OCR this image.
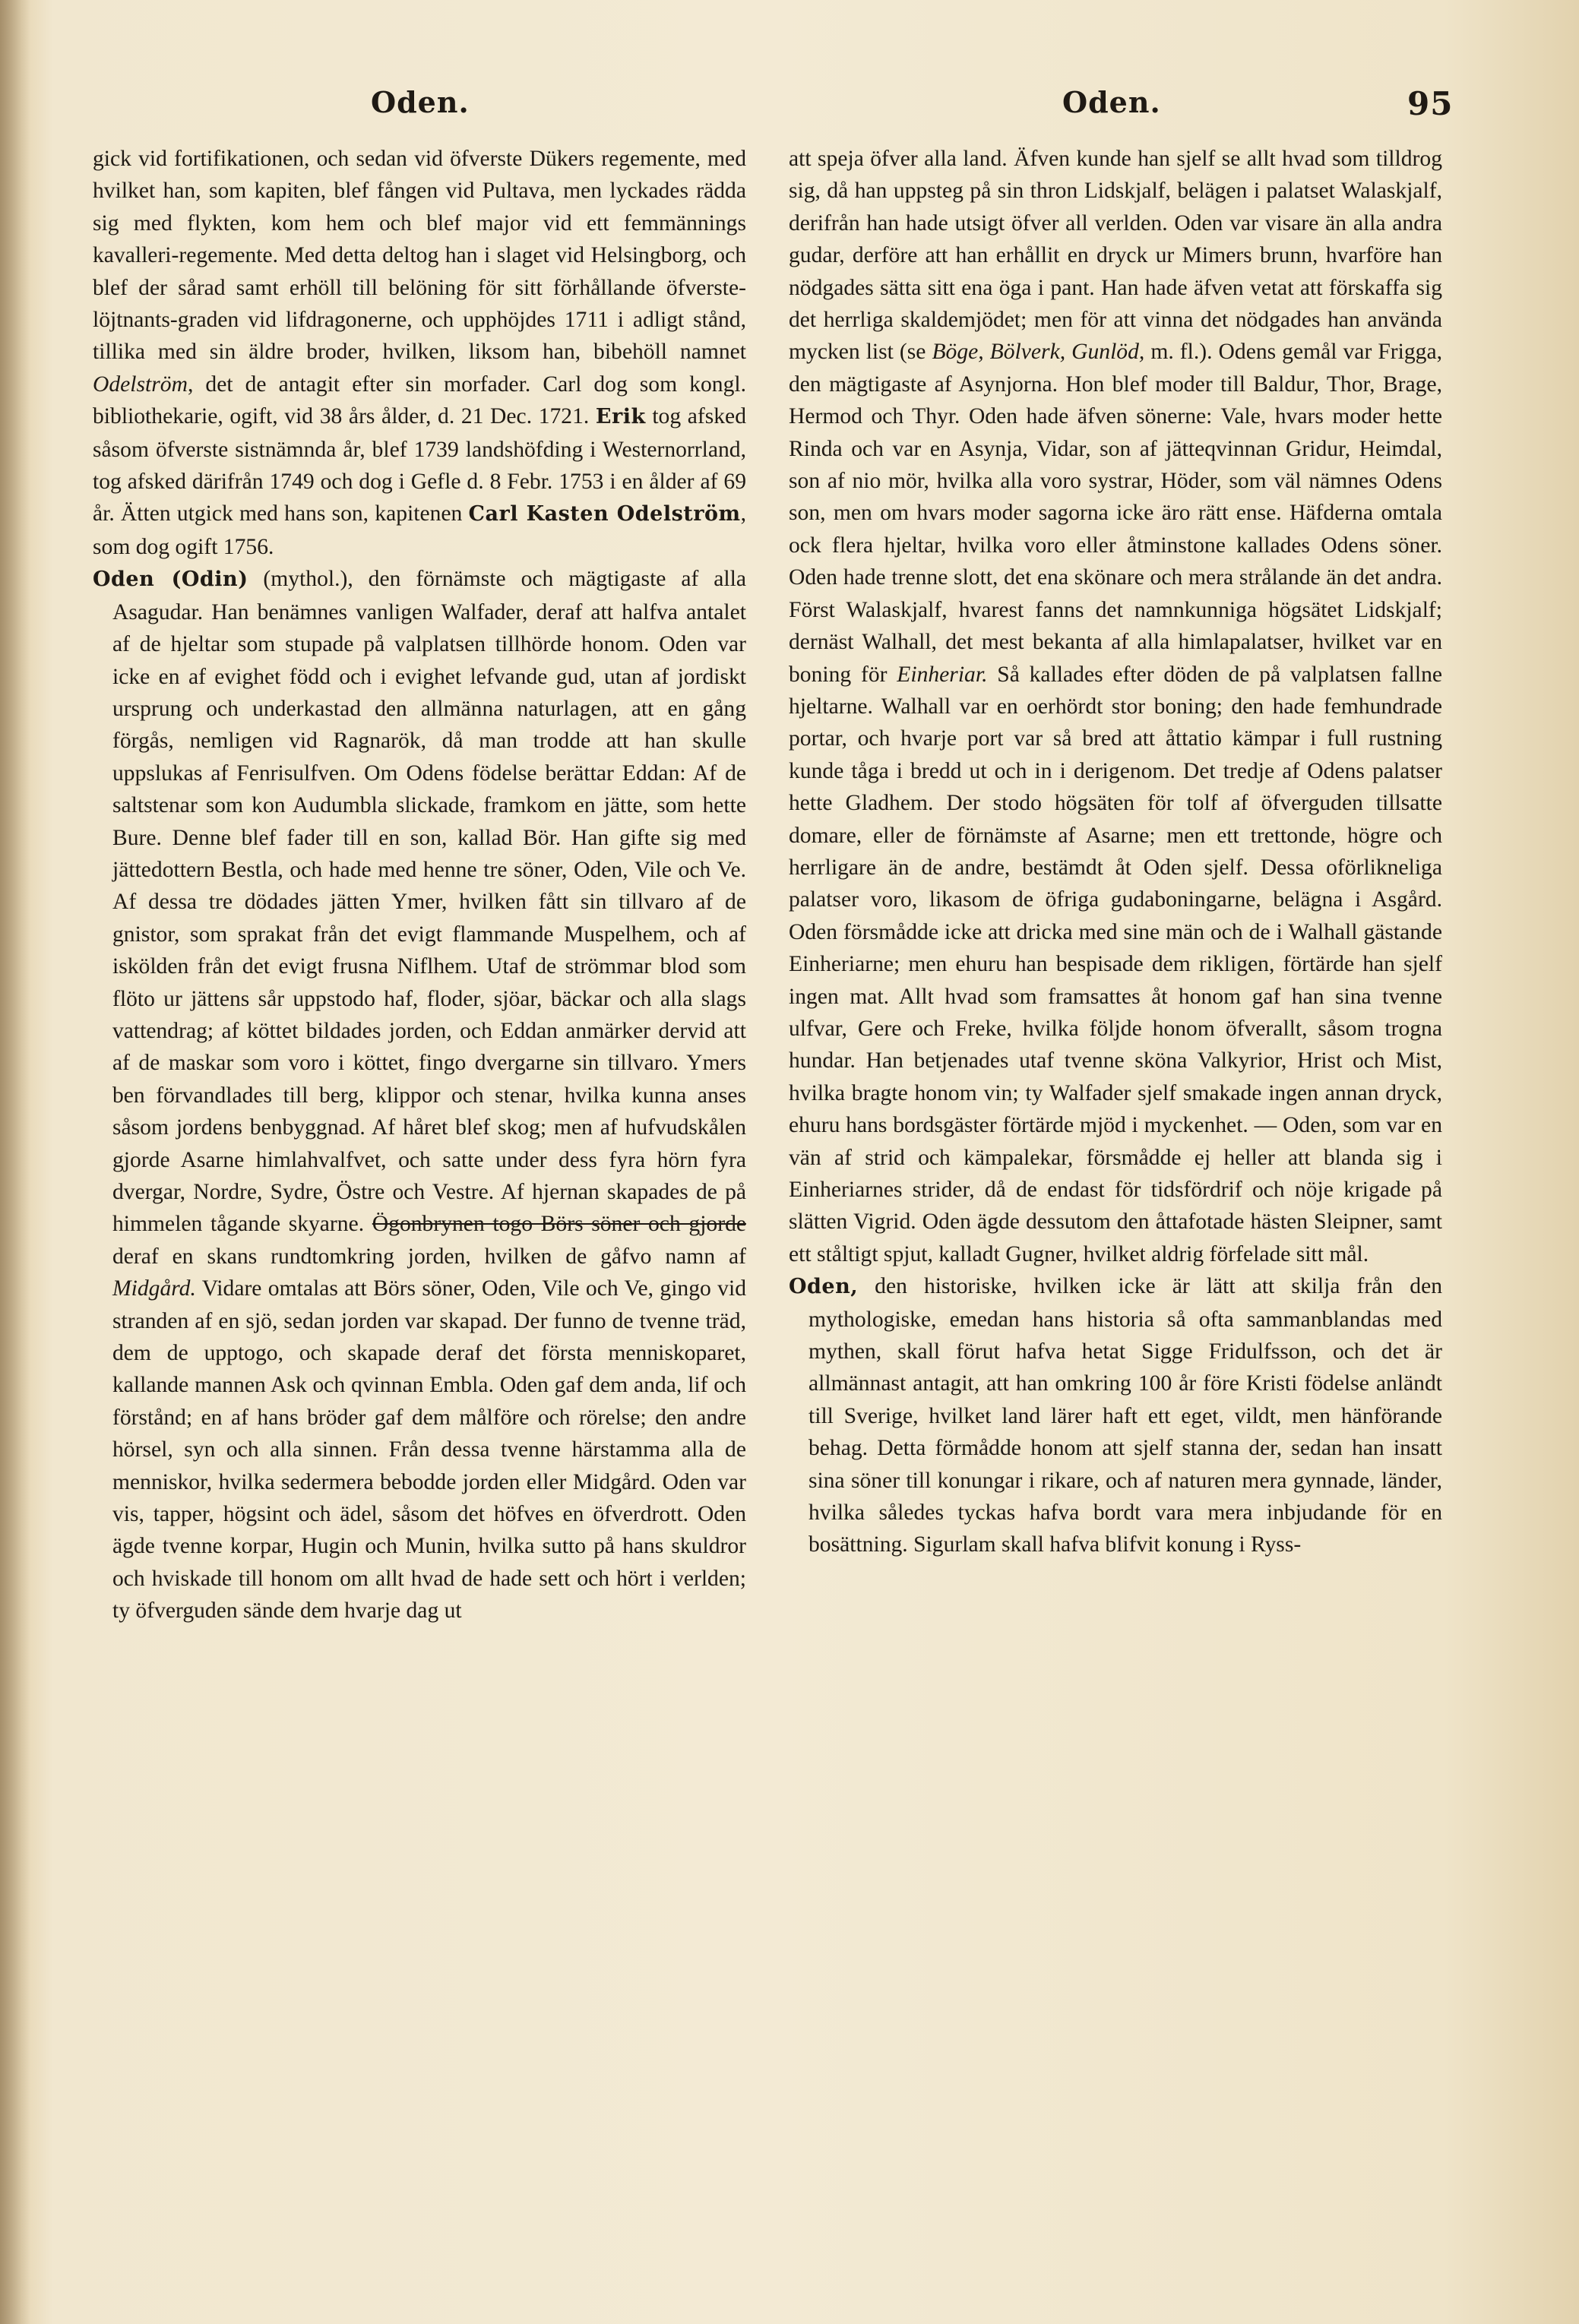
Oden.	Oden.	95

gick vid fortifikationen, och sedan vid öfverste Dükers regemente, med hvilket han, som kapiten, blef fången vid Pultava, men lyckades rädda sig med flykten, kom hem och blef major vid ett femmännings kavalleri-regemente. Med detta deltog han i slaget vid Helsingborg, och blef der sårad samt erhöll till belöning för sitt förhållande öfverste-löjtnants-graden vid lifdragonerne, och upphöjdes 1711 i adligt stånd, tillika med sin äldre broder, hvilken, liksom han, bibehöll namnet Odelström, det de antagit efter sin morfader. Carl dog som kongl. bibliothekarie, ogift, vid 38 års ålder, d. 21 Dec. 1721. Erik tog afsked såsom öfverste sistnämnda år, blef 1739 landshöfding i Westernorrland, tog afsked därifrån 1749 och dog i Gefle d. 8 Febr. 1753 i en ålder af 69 år. Ätten utgick med hans son, kapitenen Carl Kasten Odelström, som dog ogift 1756.

Oden (Odin) (mythol.), den förnämste och mägtigaste af alla Asagudar. Han benämnes vanligen Walfader, deraf att halfva antalet af de hjeltar som stupade på valplatsen tillhörde honom. Oden var icke en af evighet född och i evighet lefvande gud, utan af jordiskt ursprung och underkastad den allmänna naturlagen, att en gång förgås, nemligen vid Ragnarök, då man trodde att han skulle uppslukas af Fenrisulfven. Om Odens födelse berättar Eddan: Af de saltstenar som kon Audumbla slickade, framkom en jätte, som hette Bure. Denne blef fader till en son, kallad Bör. Han gifte sig med jättedottern Bestla, och hade med henne tre söner, Oden, Vile och Ve. Af dessa tre dödades jätten Ymer, hvilken fått sin tillvaro af de gnistor, som sprakat från det evigt flammande Muspelhem, och af iskölden från det evigt frusna Niflhem. Utaf de strömmar blod som flöto ur jättens sår uppstodo haf, floder, sjöar, bäckar och alla slags vattendrag; af köttet bildades jorden, och Eddan anmärker dervid att af de maskar som voro i köttet, fingo dvergarne sin tillvaro. Ymers ben förvandlades till berg, klippor och stenar, hvilka kunna anses såsom jordens benbyggnad. Af håret blef skog; men af hufvudskålen gjorde Asarne himlahvalfvet, och satte under dess fyra hörn fyra dvergar, Nordre, Sydre, Östre och Vestre. Af hjernan skapades de på himmelen tågande skyarne. Ögonbrynen togo Börs söner och gjorde deraf en skans rundtomkring jorden, hvilken de gåfvo namn af Midgård. Vidare omtalas att Börs söner, Oden, Vile och Ve, gingo vid stranden af en sjö, sedan jorden var skapad. Der funno de tvenne träd, dem de upptogo, och skapade deraf det första menniskoparet, kallande mannen Ask och qvinnan Embla. Oden gaf dem anda, lif och förstånd; en af hans bröder gaf dem målföre och rörelse; den andre hörsel, syn och alla sinnen. Från dessa tvenne härstamma alla de menniskor, hvilka sedermera bebodde jorden eller Midgård. Oden var vis, tapper, högsint och ädel, såsom det höfves en öfverdrott. Oden ägde tvenne korpar, Hugin och Munin, hvilka sutto på hans skuldror och hviskade till honom om allt hvad de hade sett och hört i verlden; ty öfverguden sände dem hvarje dag ut

att speja öfver alla land. Äfven kunde han sjelf se allt hvad som tilldrog sig, då han uppsteg på sin thron Lidskjalf, belägen i palatset Walaskjalf, derifrån han hade utsigt öfver all verlden. Oden var visare än alla andra gudar, derföre att han erhållit en dryck ur Mimers brunn, hvarföre han nödgades sätta sitt ena öga i pant. Han hade äfven vetat att förskaffa sig det herrliga skaldemjödet; men för att vinna det nödgades han använda mycken list (se Böge, Bölverk, Gunlöd, m. fl.). Odens gemål var Frigga, den mägtigaste af Asynjorna. Hon blef moder till Baldur, Thor, Brage, Hermod och Thyr. Oden hade äfven sönerne: Vale, hvars moder hette Rinda och var en Asynja, Vidar, son af jätteqvinnan Gridur, Heimdal, son af nio mör, hvilka alla voro systrar, Höder, som väl nämnes Odens son, men om hvars moder sagorna icke äro rätt ense. Häfderna omtala ock flera hjeltar, hvilka voro eller åtminstone kallades Odens söner. Oden hade trenne slott, det ena skönare och mera strålande än det andra. Först Walaskjalf, hvarest fanns det namnkunniga högsätet Lidskjalf; dernäst Walhall, det mest bekanta af alla himlapalatser, hvilket var en boning för Einheriar. Så kallades efter döden de på valplatsen fallne hjeltarne. Walhall var en oerhördt stor boning; den hade femhundrade portar, och hvarje port var så bred att åttatio kämpar i full rustning kunde tåga i bredd ut och in i derigenom. Det tredje af Odens palatser hette Gladhem. Der stodo högsäten för tolf af öfverguden tillsatte domare, eller de förnämste af Asarne; men ett trettonde, högre och herrligare än de andre, bestämdt åt Oden sjelf. Dessa oförlikneliga palatser voro, likasom de öfriga gudaboningarne, belägna i Asgård. Oden försmådde icke att dricka med sine män och de i Walhall gästande Einheriarne; men ehuru han bespisade dem rikligen, förtärde han sjelf ingen mat. Allt hvad som framsattes åt honom gaf han sina tvenne ulfvar, Gere och Freke, hvilka följde honom öfverallt, såsom trogna hundar. Han betjenades utaf tvenne sköna Valkyrior, Hrist och Mist, hvilka bragte honom vin; ty Walfader sjelf smakade ingen annan dryck, ehuru hans bordsgäster förtärde mjöd i myckenhet. — Oden, som var en vän af strid och kämpalekar, försmådde ej heller att blanda sig i Einheriarnes strider, då de endast för tidsfördrif och nöje krigade på slätten Vigrid. Oden ägde dessutom den åttafotade hästen Sleipner, samt ett ståltigt spjut, kalladt Gugner, hvilket aldrig förfelade sitt mål.

Oden, den historiske, hvilken icke är lätt att skilja från den mythologiske, emedan hans historia så ofta sammanblandas med mythen, skall förut hafva hetat Sigge Fridulfsson, och det är allmännast antagit, att han omkring 100 år före Kristi födelse anländt till Sverige, hvilket land lärer haft ett eget, vildt, men hänförande behag. Detta förmådde honom att sjelf stanna der, sedan han insatt sina söner till konungar i rikare, och af naturen mera gynnade, länder, hvilka således tyckas hafva bordt vara mera inbjudande för en bosättning. Sigurlam skall hafva blifvit konung i Ryss-
